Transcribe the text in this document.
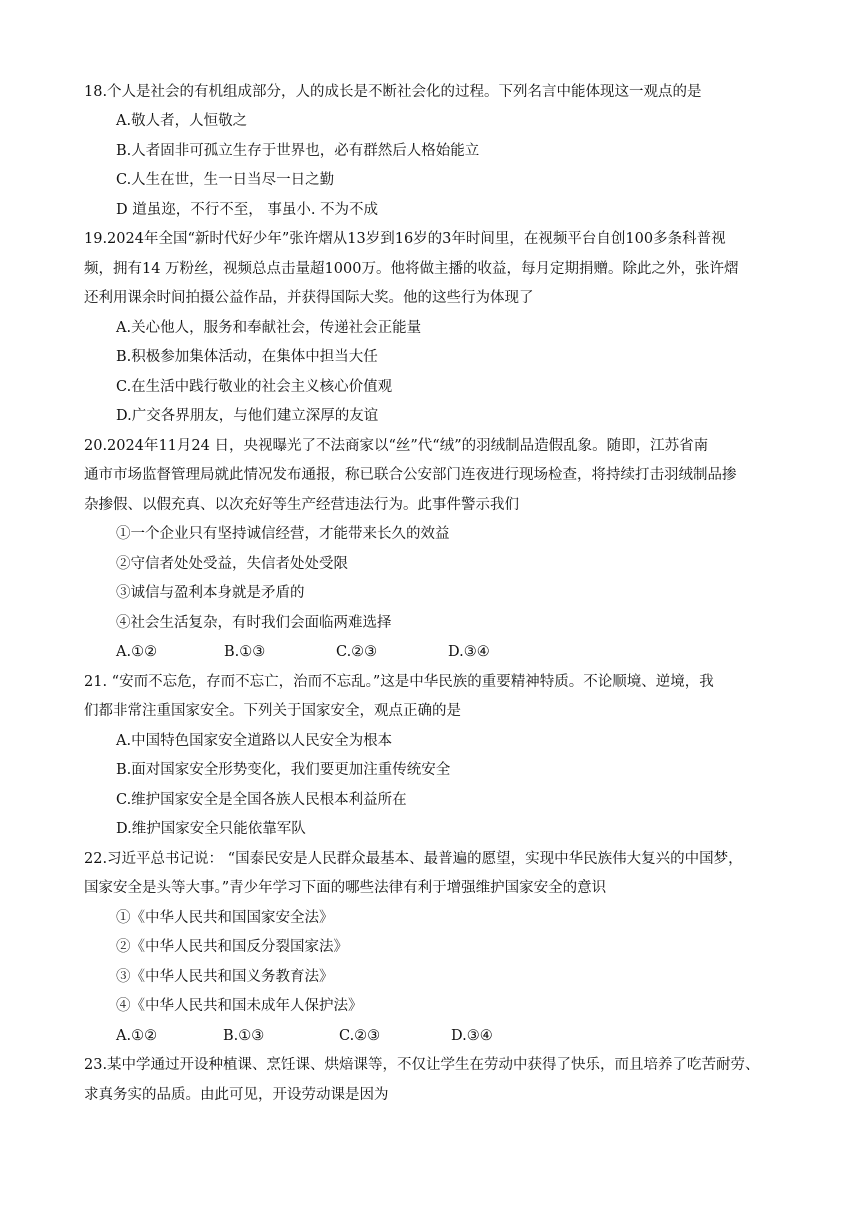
18.个人是社会的有机组成部分，人的成长是不断社会化的过程。下列名言中能体现这一观点的是
A.敬人者，人恒敬之
B.人者固非可孤立生存于世界也，必有群然后人格始能立
C.人生在世，生一日当尽一日之勤
D 道虽迩，不行不至， 事虽小. 不为不成
19.2024年全国“新时代好少年”张许熠从13岁到16岁的3年时间里，在视频平台自创100多条科普视
频，拥有14 万粉丝，视频总点击量超1000万。他将做主播的收益，每月定期捐赠。除此之外，张许熠
还利用课余时间拍摄公益作品，并获得国际大奖。他的这些行为体现了
A.关心他人，服务和奉献社会，传递社会正能量
B.积极参加集体活动，在集体中担当大任
C.在生活中践行敬业的社会主义核心价值观
D.广交各界朋友，与他们建立深厚的友谊
20.2024年11月24 日，央视曝光了不法商家以“丝”代“绒”的羽绒制品造假乱象。随即，江苏省南
通市市场监督管理局就此情况发布通报，称已联合公安部门连夜进行现场检查，将持续打击羽绒制品掺
杂掺假、以假充真、以次充好等生产经营违法行为。此事件警示我们
①一个企业只有坚持诚信经营，才能带来长久的效益
②守信者处处受益，失信者处处受限
③诚信与盈利本身就是矛盾的
④社会生活复杂，有时我们会面临两难选择
A.①②	B.①③	C.②③	D.③④
21. “安而不忘危，存而不忘亡，治而不忘乱。”这是中华民族的重要精神特质。不论顺境、逆境，我
们都非常注重国家安全。下列关于国家安全，观点正确的是
A.中国特色国家安全道路以人民安全为根本
B.面对国家安全形势变化，我们要更加注重传统安全
C.维护国家安全是全国各族人民根本利益所在
D.维护国家安全只能依靠军队
22.习近平总书记说： “国泰民安是人民群众最基本、最普遍的愿望，实现中华民族伟大复兴的中国梦，
国家安全是头等大事。”青少年学习下面的哪些法律有利于增强维护国家安全的意识
①《中华人民共和国国家安全法》
②《中华人民共和国反分裂国家法》
③《中华人民共和国义务教育法》
④《中华人民共和国未成年人保护法》
A.①②	B.①③	C.②③	D.③④
23.某中学通过开设种植课、烹饪课、烘焙课等，不仅让学生在劳动中获得了快乐，而且培养了吃苦耐劳、
求真务实的品质。由此可见，开设劳动课是因为
